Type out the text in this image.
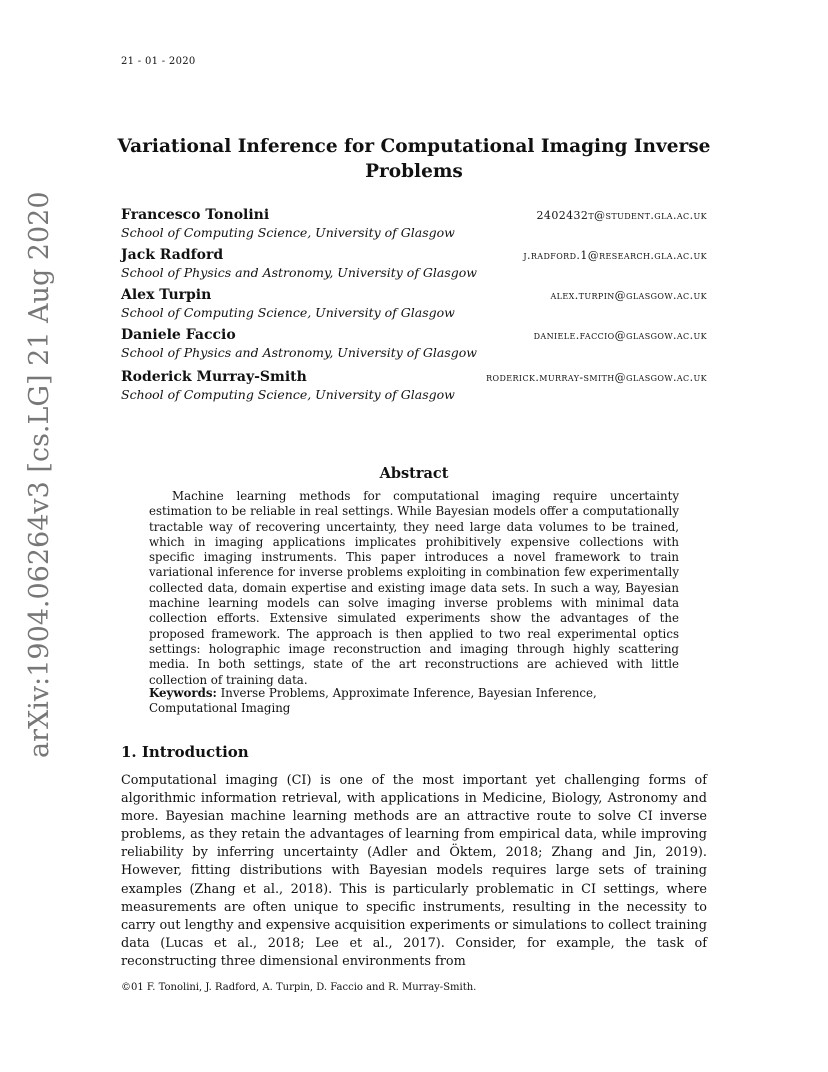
21 - 01 - 2020
Variational Inference for Computational Imaging Inverse Problems
Francesco Tonolini	2402432t@student.gla.ac.uk
School of Computing Science, University of Glasgow
Jack Radford	j.radford.1@research.gla.ac.uk
School of Physics and Astronomy, University of Glasgow
Alex Turpin	alex.turpin@glasgow.ac.uk
School of Computing Science, University of Glasgow
Daniele Faccio	daniele.faccio@glasgow.ac.uk
School of Physics and Astronomy, University of Glasgow
Roderick Murray-Smith	roderick.murray-smith@glasgow.ac.uk
School of Computing Science, University of Glasgow
arXiv:1904.06264v3 [cs.LG] 21 Aug 2020	Abstract
Machine learning methods for computational imaging require uncertainty estimation to be reliable in real settings. While Bayesian models offer a computationally tractable way of recovering uncertainty, they need large data volumes to be trained, which in imaging applications implicates prohibitively expensive collections with specific imaging instruments. This paper introduces a novel framework to train variational inference for inverse problems exploiting in combination few experimentally collected data, domain expertise and existing image data sets. In such a way, Bayesian machine learning models can solve imaging inverse problems with minimal data collection efforts. Extensive simulated experiments show the advantages of the proposed framework. The approach is then applied to two real experimental optics settings: holographic image reconstruction and imaging through highly scattering media. In both settings, state of the art reconstructions are achieved with little collection of training data.
Keywords: Inverse Problems, Approximate Inference, Bayesian Inference, Computational Imaging
1. Introduction
Computational imaging (CI) is one of the most important yet challenging forms of algorithmic information retrieval, with applications in Medicine, Biology, Astronomy and more. Bayesian machine learning methods are an attractive route to solve CI inverse problems, as they retain the advantages of learning from empirical data, while improving reliability by inferring uncertainty (Adler and Öktem, 2018; Zhang and Jin, 2019). However, fitting distributions with Bayesian models requires large sets of training examples (Zhang et al., 2018). This is particularly problematic in CI settings, where measurements are often unique to specific instruments, resulting in the necessity to carry out lengthy and expensive acquisition experiments or simulations to collect training data (Lucas et al., 2018; Lee et al., 2017). Consider, for example, the task of reconstructing three dimensional environments from
©01 F. Tonolini, J. Radford, A. Turpin, D. Faccio and R. Murray-Smith.
